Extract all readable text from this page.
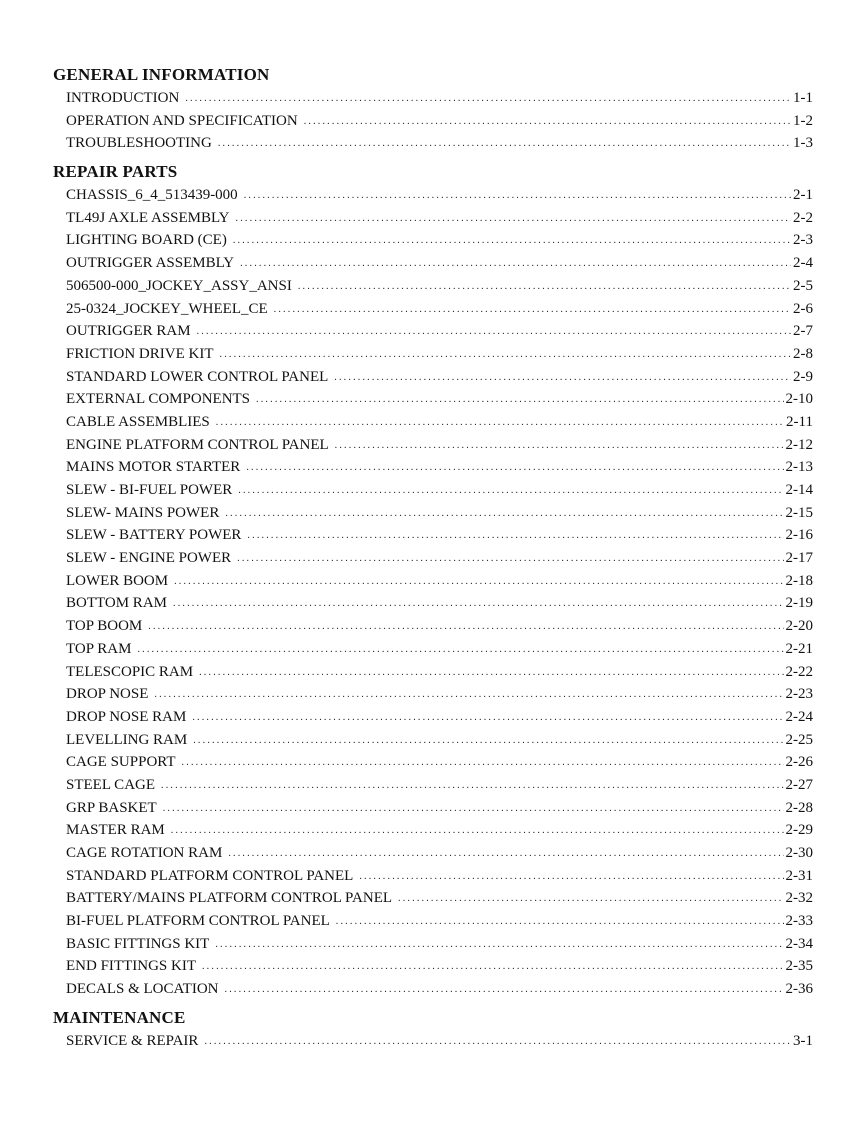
GENERAL INFORMATION
INTRODUCTION .....	1-1
OPERATION AND SPECIFICATION .....	1-2
TROUBLESHOOTING .....	1-3
REPAIR PARTS
CHASSIS_6_4_513439-000 .....	2-1
TL49J AXLE ASSEMBLY .....	2-2
LIGHTING BOARD (CE) .....	2-3
OUTRIGGER ASSEMBLY .....	2-4
506500-000_JOCKEY_ASSY_ANSI .....	2-5
25-0324_JOCKEY_WHEEL_CE .....	2-6
OUTRIGGER RAM .....	2-7
FRICTION DRIVE KIT .....	2-8
STANDARD LOWER CONTROL PANEL .....	2-9
EXTERNAL COMPONENTS .....	2-10
CABLE ASSEMBLIES .....	2-11
ENGINE PLATFORM CONTROL PANEL .....	2-12
MAINS MOTOR STARTER .....	2-13
SLEW - BI-FUEL POWER .....	2-14
SLEW- MAINS POWER .....	2-15
SLEW - BATTERY POWER .....	2-16
SLEW - ENGINE POWER .....	2-17
LOWER BOOM .....	2-18
BOTTOM RAM .....	2-19
TOP BOOM .....	2-20
TOP RAM .....	2-21
TELESCOPIC RAM .....	2-22
DROP NOSE .....	2-23
DROP NOSE RAM .....	2-24
LEVELLING RAM .....	2-25
CAGE SUPPORT .....	2-26
STEEL CAGE .....	2-27
GRP BASKET .....	2-28
MASTER RAM .....	2-29
CAGE ROTATION RAM .....	2-30
STANDARD PLATFORM CONTROL PANEL .....	2-31
BATTERY/MAINS PLATFORM CONTROL PANEL .....	2-32
BI-FUEL PLATFORM CONTROL PANEL .....	2-33
BASIC FITTINGS KIT .....	2-34
END FITTINGS KIT .....	2-35
DECALS & LOCATION .....	2-36
MAINTENANCE
SERVICE & REPAIR .....	3-1
